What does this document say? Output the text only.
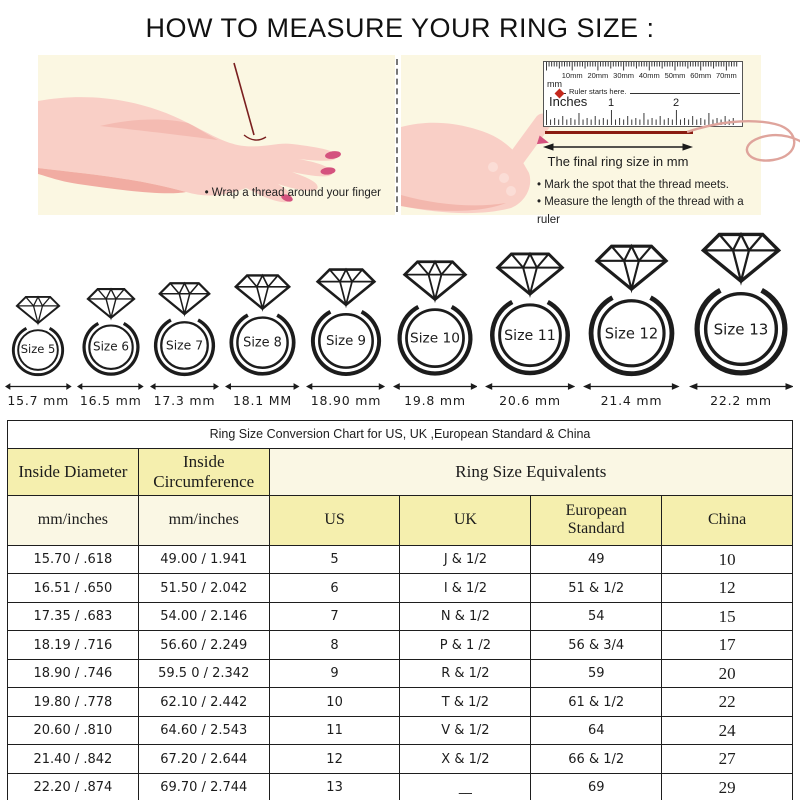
HOW TO MEASURE YOUR RING SIZE :
• Wrap a thread around your finger
10mm 20mm 30mm 40mm 50mm 60mm 70mm
mm
Ruler starts here.
Inches 1	2
The final ring size in mm
• Mark the spot that the thread meets.
• Measure the length of the thread with a ruler
Size 5
15.7 mm
Size 6
16.5 mm
Size 7
17.3 mm
Size 8
18.1 MM
Size 9
18.90 mm
Size 10
19.8 mm
Size 11
20.6 mm
Size 12
21.4 mm
Size 13
22.2 mm
Ring Size Conversion Chart for US, UK ,European Standard & China					
Inside Diameter	Inside Circumference	Ring Size Equivalents			
mm/inches	mm/inches	US	UK	European Standard	China
15.70 / .618	49.00 / 1.941	5	J & 1/2	49	10
16.51 / .650	51.50 / 2.042	6	I & 1/2	51 & 1/2	12
17.35 / .683	54.00 / 2.146	7	N & 1/2	54	15
18.19 / .716	56.60 / 2.249	8	P & 1 /2	56 & 3/4	17
18.90 / .746	59.5 0 / 2.342	9	R & 1/2	59	20
19.80 / .778	62.10 / 2.442	10	T & 1/2	61 & 1/2	22
20.60 / .810	64.60 / 2.543	11	V & 1/2	64	24
21.40 / .842	67.20 / 2.644	12	X & 1/2	66 & 1/2	27
22.20 / .874	69.70 / 2.744	13	__	69	29
